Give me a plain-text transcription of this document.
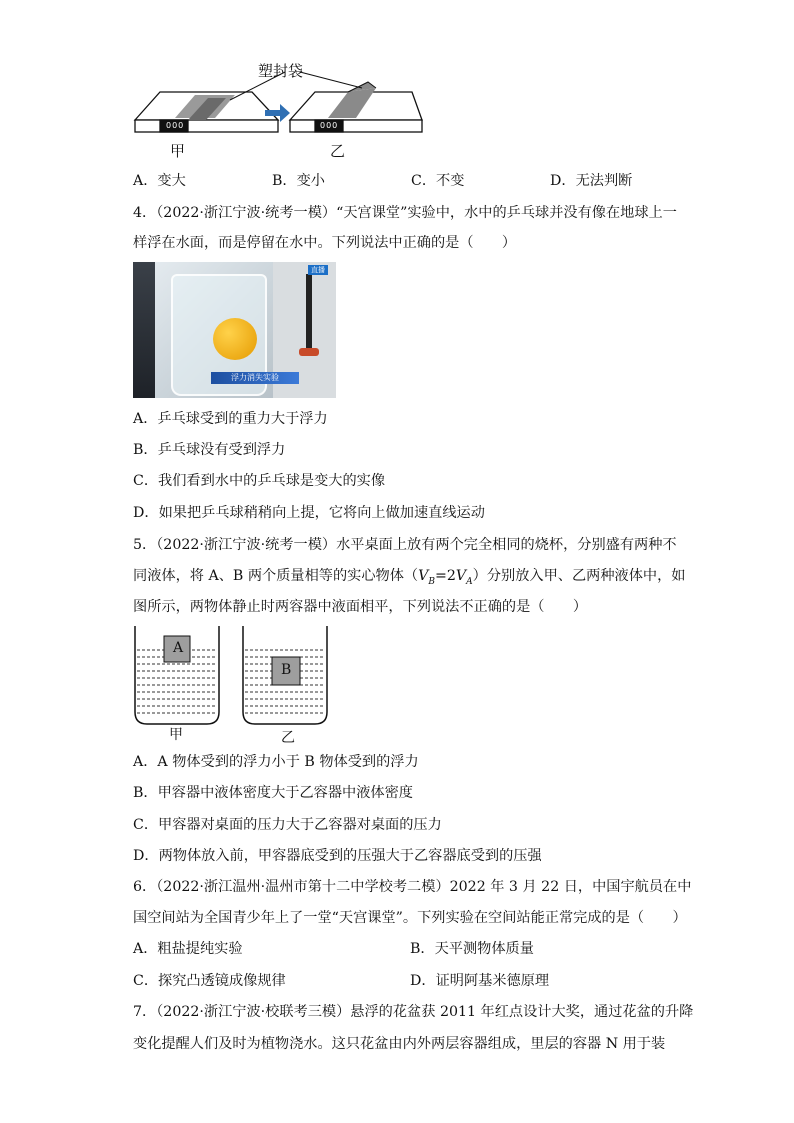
000	000
塑封袋
甲	乙
A．变大	B．变小	C．不变	D．无法判断
4．（2022·浙江宁波·统考一模）“天宫课堂”实验中，水中的乒乓球并没有像在地球上一
样浮在水面，而是停留在水中。下列说法中正确的是（　　）
直播
浮力消失实验
A．乒乓球受到的重力大于浮力
B．乒乓球没有受到浮力
C．我们看到水中的乒乓球是变大的实像
D．如果把乒乓球稍稍向上提，它将向上做加速直线运动
5．（2022·浙江宁波·统考一模）水平桌面上放有两个完全相同的烧杯，分别盛有两种不
同液体，将 A、B 两个质量相等的实心物体$(V_B=2V_A)$分别放入甲、乙两种液体中，如
图所示，两物体静止时两容器中液面相平，下列说法不正确的是（　　）
A
B
甲	乙
A．A 物体受到的浮力小于 B 物体受到的浮力
B．甲容器中液体密度大于乙容器中液体密度
C．甲容器对桌面的压力大于乙容器对桌面的压力
D．两物体放入前，甲容器底受到的压强大于乙容器底受到的压强
6．（2022·浙江温州·温州市第十二中学校考二模）2022 年 3 月 22 日，中国宇航员在中
国空间站为全国青少年上了一堂“天宫课堂”。下列实验在空间站能正常完成的是（　　）
A．粗盐提纯实验	B．天平测物体质量
C．探究凸透镜成像规律	D．证明阿基米德原理
7．（2022·浙江宁波·校联考三模）悬浮的花盆获 2011 年红点设计大奖，通过花盆的升降
变化提醒人们及时为植物浇水。这只花盆由内外两层容器组成，里层的容器 N 用于装
